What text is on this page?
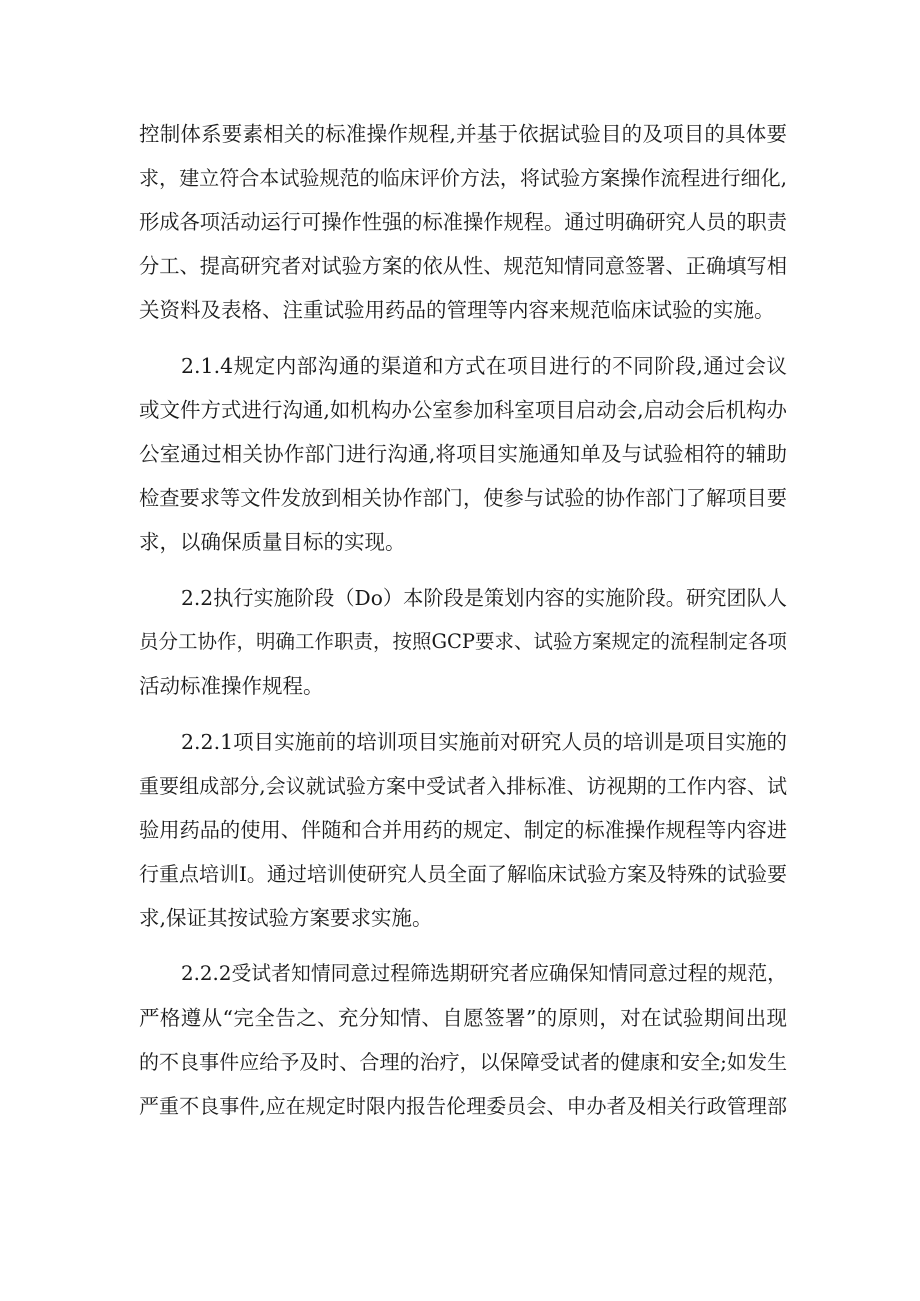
控制体系要素相关的标准操作规程,并基于依据试验目的及项目的具体要
求，建立符合本试验规范的临床评价方法，将试验方案操作流程进行细化,
形成各项活动运行可操作性强的标准操作规程。通过明确研究人员的职责
分工、提高研究者对试验方案的依从性、规范知情同意签署、正确填写相
关资料及表格、注重试验用药品的管理等内容来规范临床试验的实施。
2.1.4规定内部沟通的渠道和方式在项目进行的不同阶段,通过会议
或文件方式进行沟通,如机构办公室参加科室项目启动会,启动会后机构办
公室通过相关协作部门进行沟通,将项目实施通知单及与试验相符的辅助
检查要求等文件发放到相关协作部门，使参与试验的协作部门了解项目要
求，以确保质量目标的实现。
2.2执行实施阶段（Do）本阶段是策划内容的实施阶段。研究团队人
员分工协作，明确工作职责，按照GCP要求、试验方案规定的流程制定各项
活动标准操作规程。
2.2.1项目实施前的培训项目实施前对研究人员的培训是项目实施的
重要组成部分,会议就试验方案中受试者入排标准、访视期的工作内容、试
验用药品的使用、伴随和合并用药的规定、制定的标准操作规程等内容进
行重点培训I。通过培训使研究人员全面了解临床试验方案及特殊的试验要
求,保证其按试验方案要求实施。
2.2.2受试者知情同意过程筛选期研究者应确保知情同意过程的规范，
严格遵从“完全告之、充分知情、自愿签署”的原则，对在试验期间出现
的不良事件应给予及时、合理的治疗，以保障受试者的健康和安全;如发生
严重不良事件,应在规定时限内报告伦理委员会、申办者及相关行政管理部
